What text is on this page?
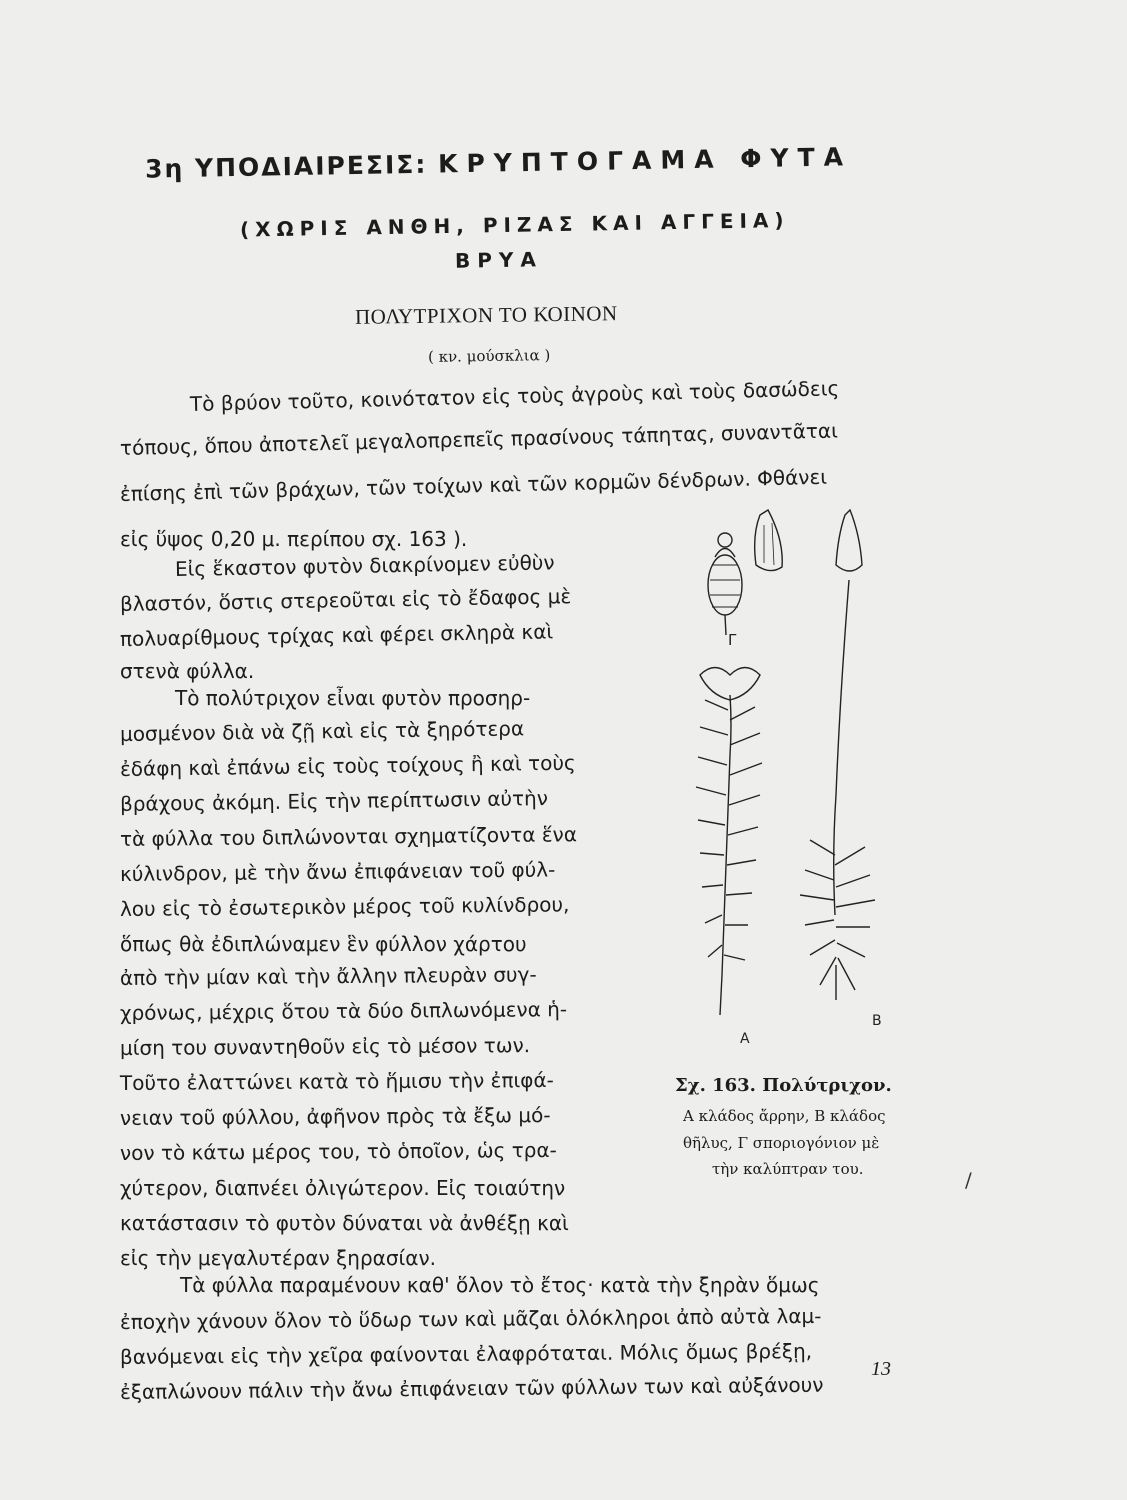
3η ΥΠΟΔΙΑΙΡΕΣΙΣ: ΚΡΥΠΤΟΓΑΜΑ ΦΥΤΑ
(ΧΩΡΙΣ ΑΝΘΗ, ΡΙΖΑΣ ΚΑΙ ΑΓΓΕΙΑ)
ΒΡΥΑ
ΠΟΛΥΤΡΙΧΟΝ ΤΟ ΚΟΙΝΟΝ
( κν. μούσκλια )
Τὸ βρύον τοῦτο, κοινότατον εἰς τοὺς ἀγροὺς καὶ τοὺς δασώδεις
τόπους, ὅπου ἀποτελεῖ μεγαλοπρεπεῖς πρασίνους τάπητας, συναντᾶται
ἐπίσης ἐπὶ τῶν βράχων, τῶν τοίχων καὶ τῶν κορμῶν δένδρων. Φθάνει
εἰς ὕψος 0,20 μ. περίπου σχ. 163 ).
Εἰς ἕκαστον φυτὸν διακρίνομεν εὐθὺν
βλαστόν, ὅστις στερεοῦται εἰς τὸ ἔδαφος μὲ
πολυαρίθμους τρίχας καὶ φέρει σκληρὰ καὶ
στενὰ φύλλα.
Τὸ πολύτριχον εἶναι φυτὸν προσηρ-
μοσμένον διὰ νὰ ζῇ καὶ εἰς τὰ ξηρότερα
ἐδάφη καὶ ἐπάνω εἰς τοὺς τοίχους ἢ καὶ τοὺς
βράχους ἀκόμη. Εἰς τὴν περίπτωσιν αὐτὴν
τὰ φύλλα του διπλώνονται σχηματίζοντα ἕνα
κύλινδρον, μὲ τὴν ἄνω ἐπιφάνειαν τοῦ φύλ-
λου εἰς τὸ ἐσωτερικὸν μέρος τοῦ κυλίνδρου,
ὅπως θὰ ἐδιπλώναμεν ἓν φύλλον χάρτου
ἀπὸ τὴν μίαν καὶ τὴν ἄλλην πλευρὰν συγ-
χρόνως, μέχρις ὅτου τὰ δύο διπλωνόμενα ἡ-
μίση του συναντηθοῦν εἰς τὸ μέσον των.
Τοῦτο ἐλαττώνει κατὰ τὸ ἥμισυ τὴν ἐπιφά-
νειαν τοῦ φύλλου, ἀφῆνον πρὸς τὰ ἔξω μό-
νον τὸ κάτω μέρος του, τὸ ὁποῖον, ὡς τρα-
χύτερον, διαπνέει ὀλιγώτερον. Εἰς τοιαύτην
κατάστασιν τὸ φυτὸν δύναται νὰ ἀνθέξῃ καὶ
εἰς τὴν μεγαλυτέραν ξηρασίαν.
Τὰ φύλλα παραμένουν καθ' ὅλον τὸ ἔτος· κατὰ τὴν ξηρὰν ὅμως
ἐποχὴν χάνουν ὅλον τὸ ὕδωρ των καὶ μᾶζαι ὁλόκληροι ἀπὸ αὐτὰ λαμ-
βανόμεναι εἰς τὴν χεῖρα φαίνονται ἐλαφρόταται. Μόλις ὅμως βρέξῃ,
ἐξαπλώνουν πάλιν τὴν ἄνω ἐπιφάνειαν τῶν φύλλων των καὶ αὐξάνουν
Γ
Α
Β
Σχ. 163. Πολύτριχον.
Α κλάδος ἄρρην, Β κλάδος
θῆλυς, Γ σποριογόνιον μὲ
τὴν καλύπτραν του.	/
13
